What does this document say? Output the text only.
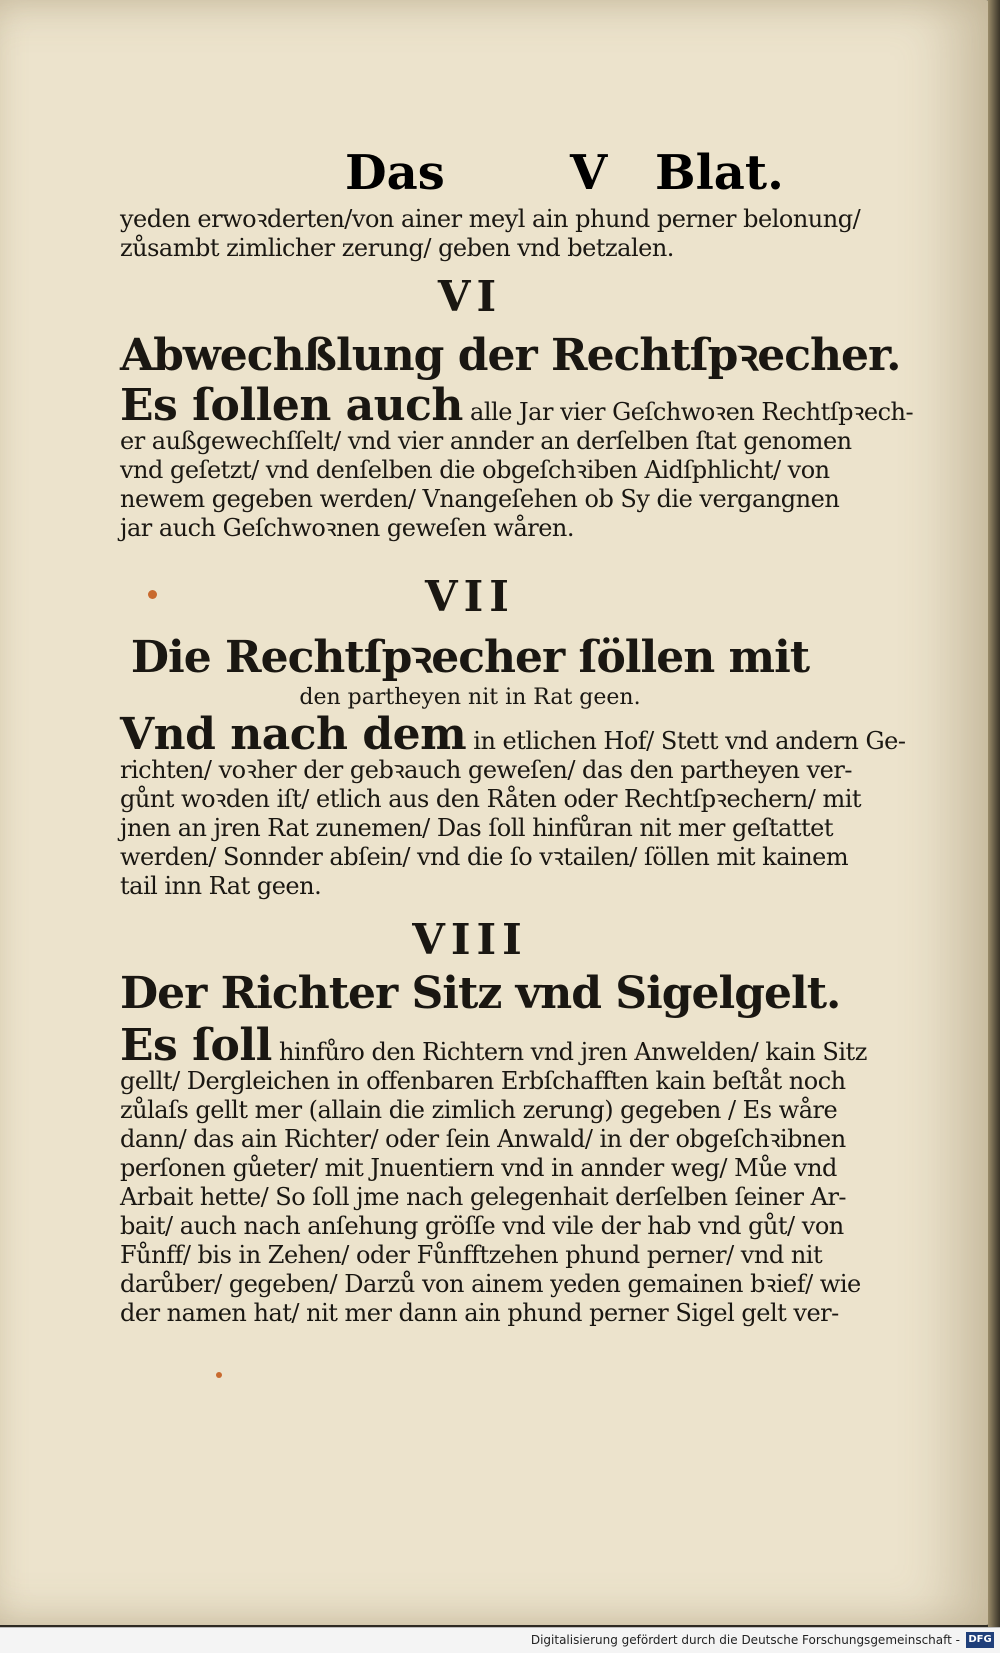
Das	V Blat.
yeden erwoꝛderten/von ainer meyl ain phund perner belonung/
zůsambt zimlicher zerung/ geben vnd betzalen.
VI
Abwechßlung der Rechtſpꝛecher.
Es ſollen auch alle Jar vier Geſchwoꝛen Rechtſpꝛech-
er außgewechſſelt/ vnd vier annder an derſelben ſtat genomen
vnd geſetzt/ vnd denſelben die obgeſchꝛiben Aidſphlicht/ von
newem gegeben werden/ Vnangeſehen ob Sy die vergangnen
jar auch Geſchwoꝛnen geweſen wåren.
VII
Die Rechtſpꝛecher ſöllen mit
den partheyen nit in Rat geen.
Vnd nach dem in etlichen Hof/ Stett vnd andern Ge-
richten/ voꝛher der gebꝛauch geweſen/ das den partheyen ver-
gůnt woꝛden iſt/ etlich aus den Råten oder Rechtſpꝛechern/ mit
jnen an jren Rat zunemen/ Das ſoll hinfůran nit mer geſtattet
werden/ Sonnder abſein/ vnd die ſo vꝛtailen/ ſöllen mit kainem
tail inn Rat geen.
VIII
Der Richter Sitz vnd Sigelgelt.
Es ſoll hinfůro den Richtern vnd jren Anwelden/ kain Sitz
gellt/ Dergleichen in offenbaren Erbſchafften kain beſtåt noch
zůlaſs gellt mer (allain die zimlich zerung) gegeben / Es wåre
dann/ das ain Richter/ oder ſein Anwald/ in der obgeſchꝛibnen
perſonen gůeter/ mit Jnuentiern vnd in annder weg/ Můe vnd
Arbait hette/ So ſoll jme nach gelegenhait derſelben ſeiner Ar-
bait/ auch nach anſehung gröſſe vnd vile der hab vnd gůt/ von
Fůnff/ bis in Zehen/ oder Fůnfftzehen phund perner/ vnd nit
darůber/ gegeben/ Darzů von ainem yeden gemainen bꝛief/ wie
der namen hat/ nit mer dann ain phund perner Sigel gelt ver-
Digitalisierung gefördert durch die Deutsche Forschungsgemeinschaft - DFG
